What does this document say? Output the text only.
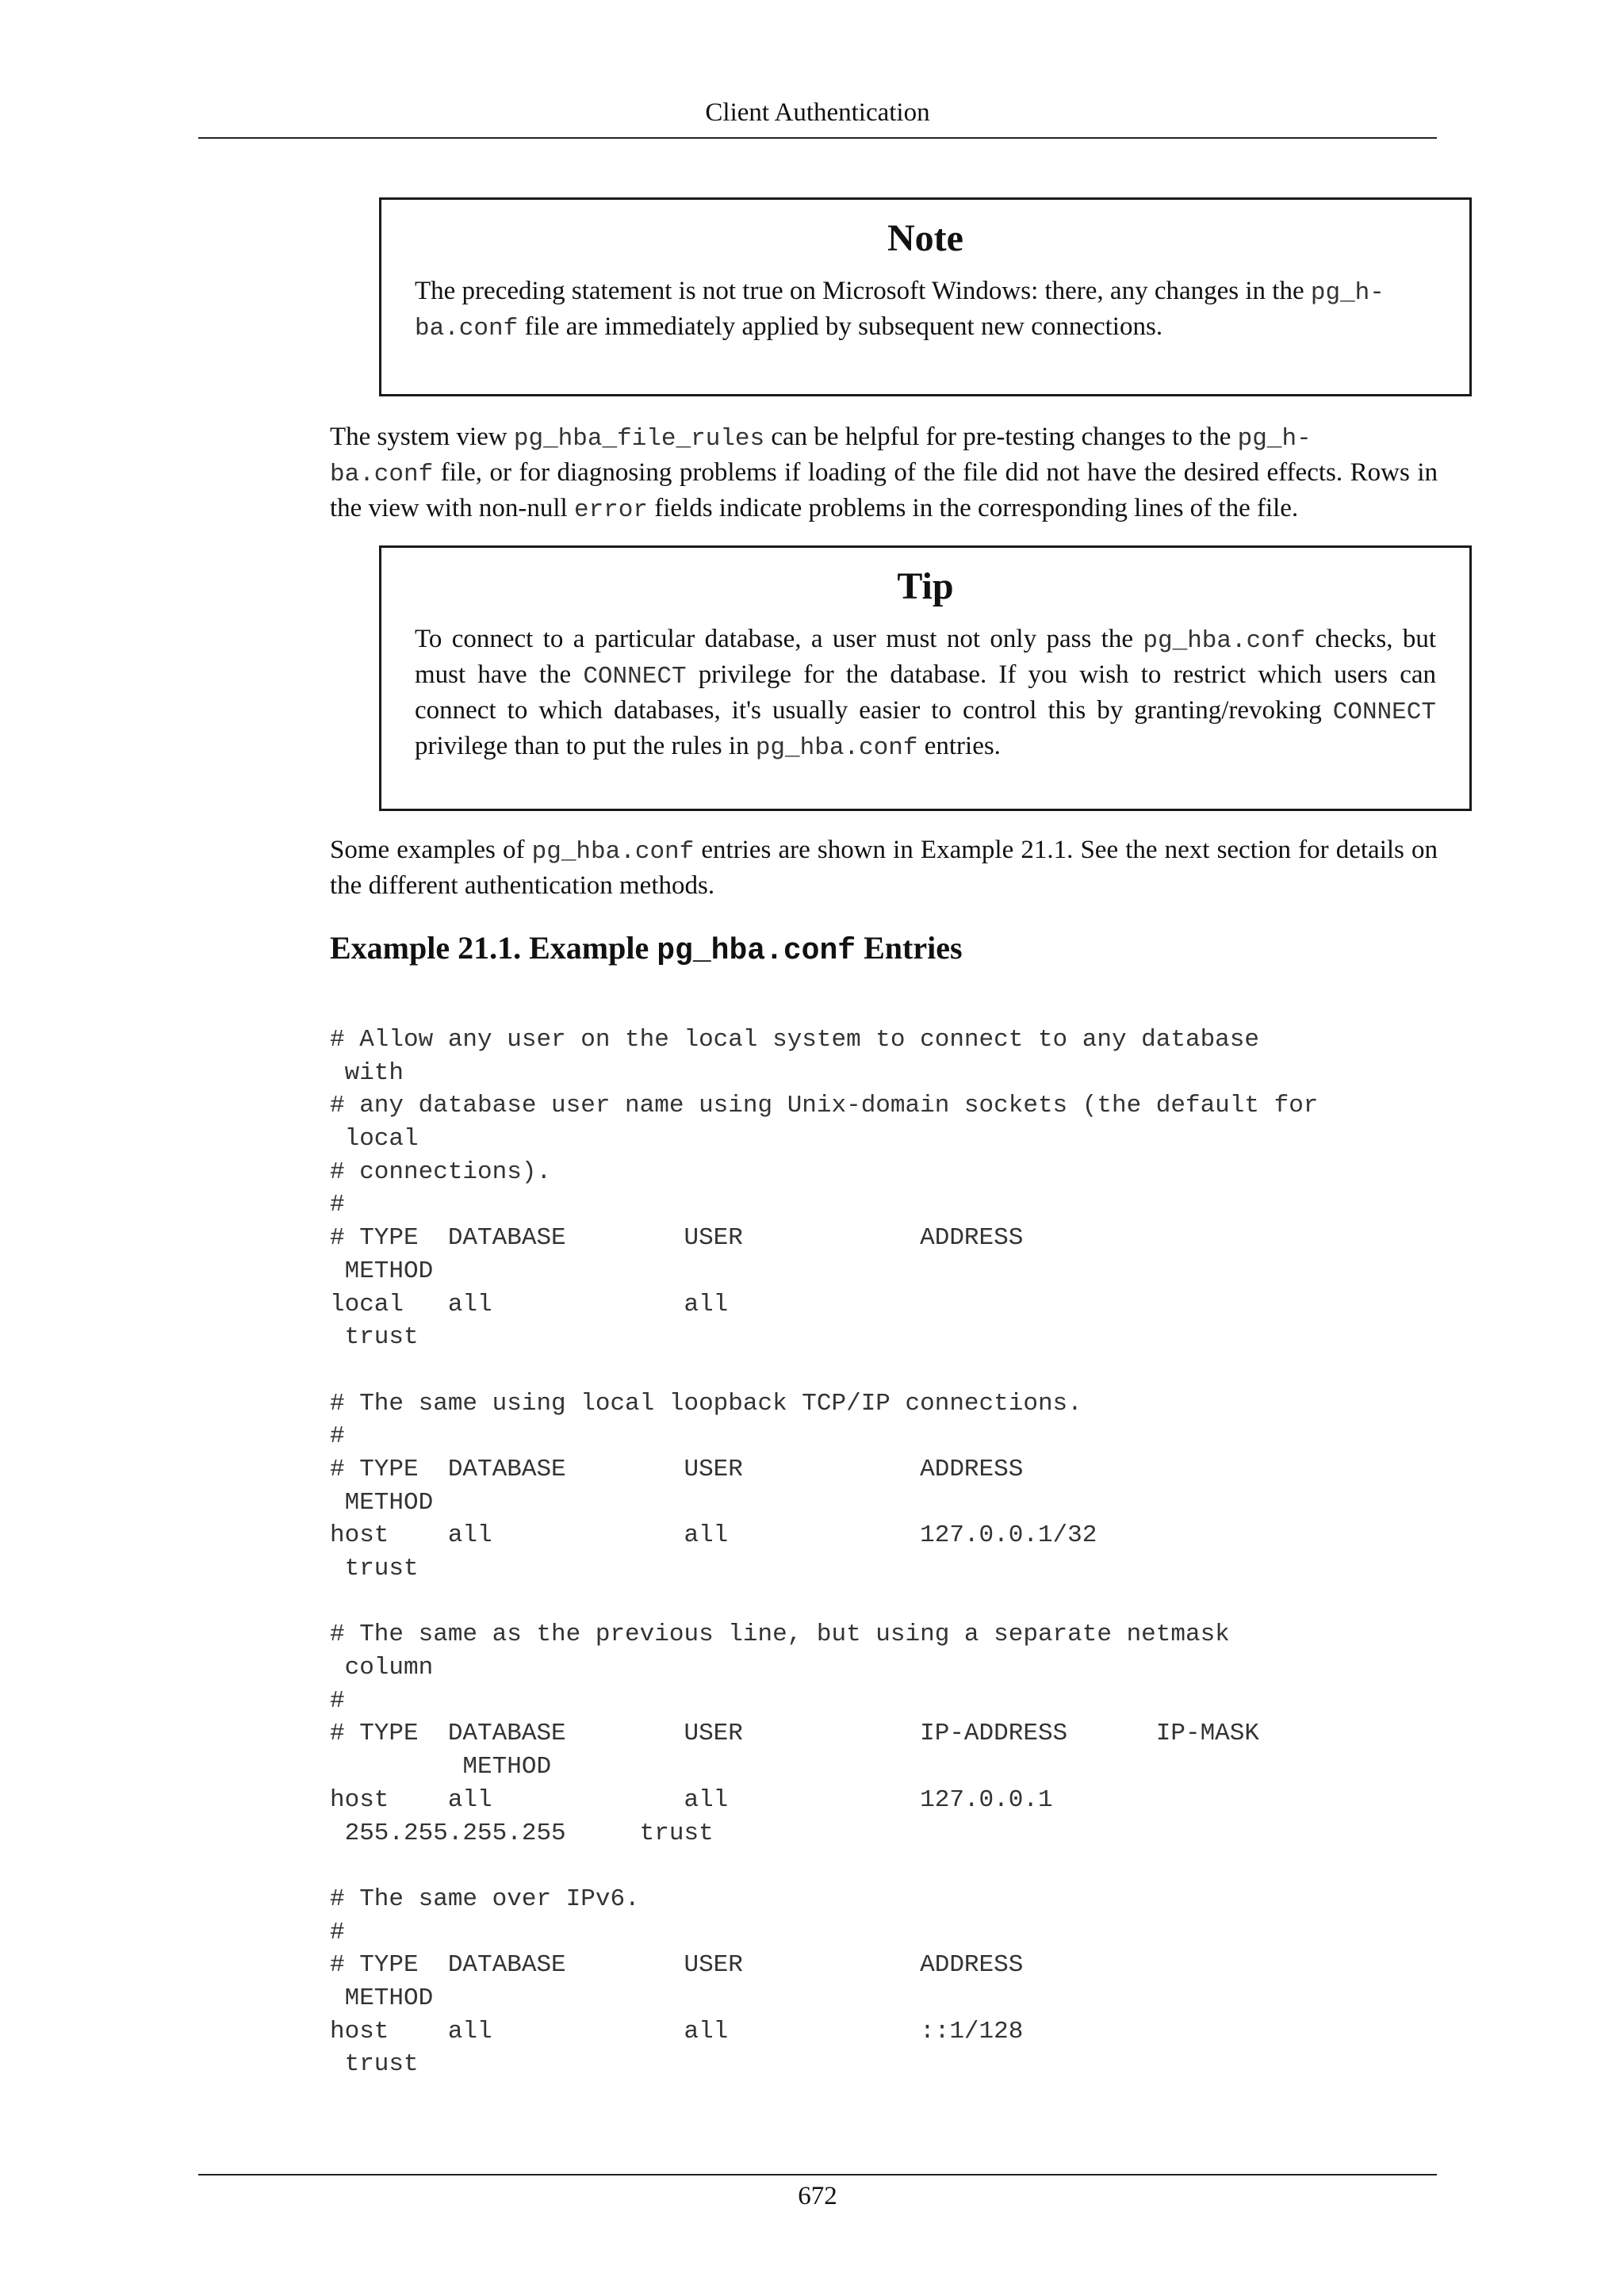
Client Authentication
Note
The preceding statement is not true on Microsoft Windows: there, any changes in the pg_h-
ba.conf file are immediately applied by subsequent new connections.
The system view pg_hba_file_rules can be helpful for pre-testing changes to the pg_h-
ba.conf file, or for diagnosing problems if loading of the file did not have the desired effects. Rows in the view with non-null error fields indicate problems in the corresponding lines of the file.
Tip
To connect to a particular database, a user must not only pass the pg_hba.conf checks, but must have the CONNECT privilege for the database. If you wish to restrict which users can connect to which databases, it's usually easier to control this by granting/revoking CONNECT privilege than to put the rules in pg_hba.conf entries.
Some examples of pg_hba.conf entries are shown in Example 21.1. See the next section for details on the different authentication methods.
Example 21.1. Example pg_hba.conf Entries
# Allow any user on the local system to connect to any database
with
# any database user name using Unix-domain sockets (the default for
local
# connections).
#
# TYPE  DATABASE        USER            ADDRESS
METHOD
local   all             all
trust
# The same using local loopback TCP/IP connections.
#
# TYPE  DATABASE        USER            ADDRESS
METHOD
host    all             all             127.0.0.1/32
trust
# The same as the previous line, but using a separate netmask
column
#
# TYPE  DATABASE        USER            IP-ADDRESS      IP-MASK
METHOD
host    all             all             127.0.0.1
255.255.255.255     trust
# The same over IPv6.
#
# TYPE  DATABASE        USER            ADDRESS
METHOD
host    all             all             ::1/128
trust
672
